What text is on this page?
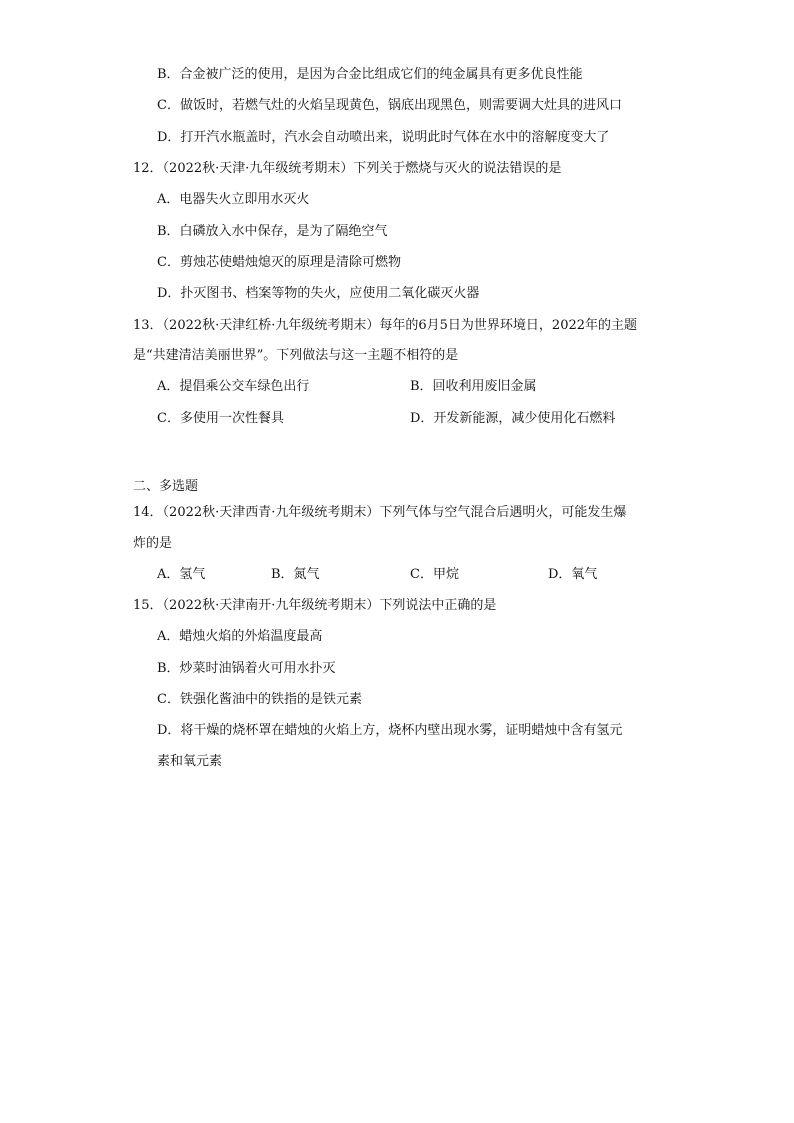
B．合金被广泛的使用，是因为合金比组成它们的纯金属具有更多优良性能
C．做饭时，若燃气灶的火焰呈现黄色，锅底出现黑色，则需要调大灶具的进风口
D．打开汽水瓶盖时，汽水会自动喷出来，说明此时气体在水中的溶解度变大了
12．（2022秋·天津·九年级统考期末）下列关于燃烧与灭火的说法错误的是
A．电器失火立即用水灭火
B．白磷放入水中保存，是为了隔绝空气
C．剪烛芯使蜡烛熄灭的原理是清除可燃物
D．扑灭图书、档案等物的失火，应使用二氧化碳灭火器
13．（2022秋·天津红桥·九年级统考期末）每年的6月5日为世界环境日，2022年的主题
是“共建清洁美丽世界”。下列做法与这一主题不相符的是
A．提倡乘公交车绿色出行	B．回收利用废旧金属
C．多使用一次性餐具	D．开发新能源，减少使用化石燃料
二、多选题
14．（2022秋·天津西青·九年级统考期末）下列气体与空气混合后遇明火，可能发生爆
炸的是
A．氢气	B．氮气	C．甲烷	D．氧气
15．（2022秋·天津南开·九年级统考期末）下列说法中正确的是
A．蜡烛火焰的外焰温度最高
B．炒菜时油锅着火可用水扑灭
C．铁强化酱油中的铁指的是铁元素
D．将干燥的烧杯罩在蜡烛的火焰上方，烧杯内壁出现水雾，证明蜡烛中含有氢元
素和氧元素
